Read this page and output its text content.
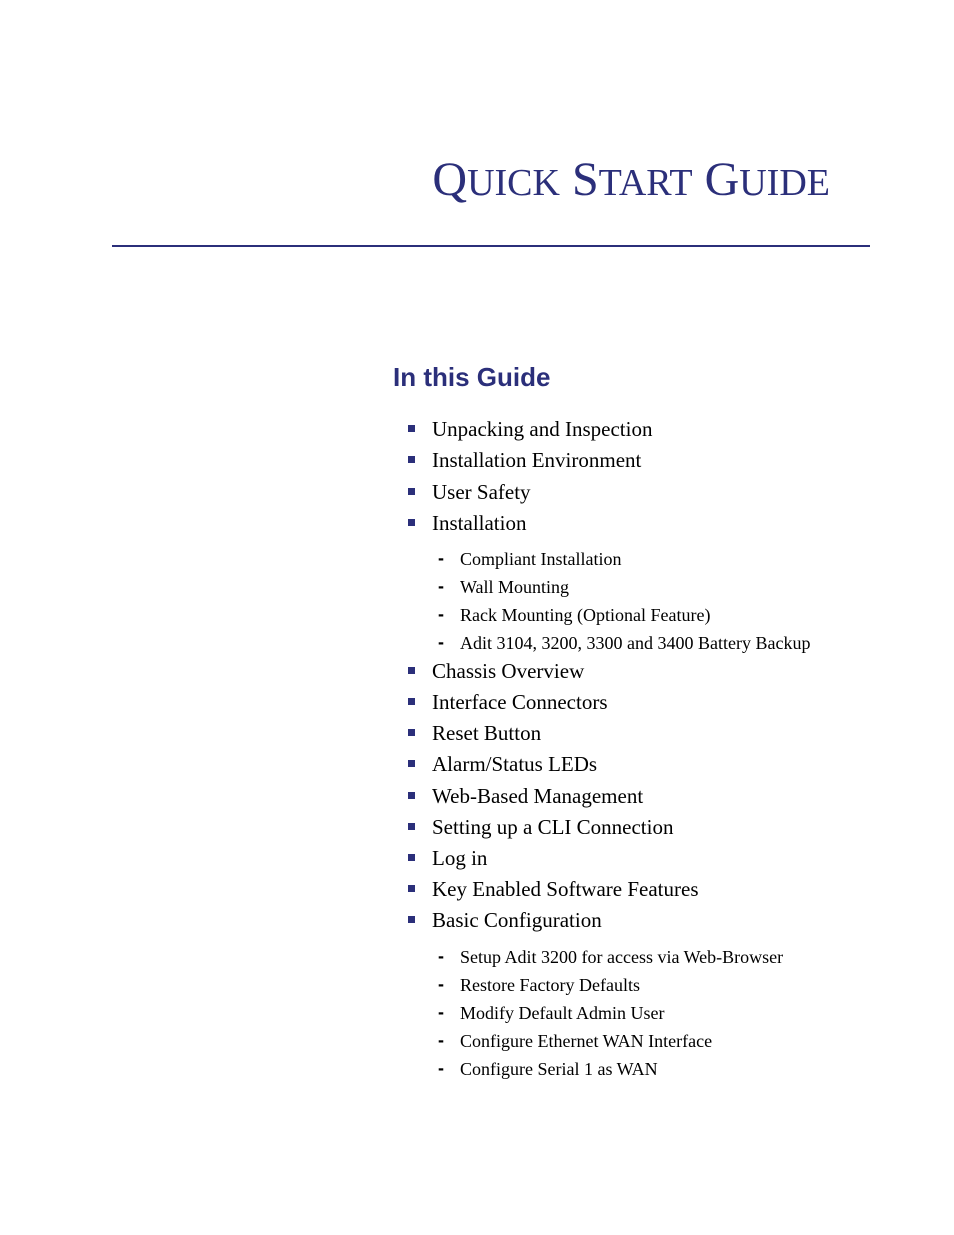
QUICK START GUIDE
In this Guide
Unpacking and Inspection
Installation Environment
User Safety
Installation
- Compliant Installation
- Wall Mounting
- Rack Mounting (Optional Feature)
- Adit 3104, 3200, 3300 and 3400 Battery Backup
Chassis Overview
Interface Connectors
Reset Button
Alarm/Status LEDs
Web-Based Management
Setting up a CLI Connection
Log in
Key Enabled Software Features
Basic Configuration
- Setup Adit 3200 for access via Web-Browser
- Restore Factory Defaults
- Modify Default Admin User
- Configure Ethernet WAN Interface
- Configure Serial 1 as WAN
